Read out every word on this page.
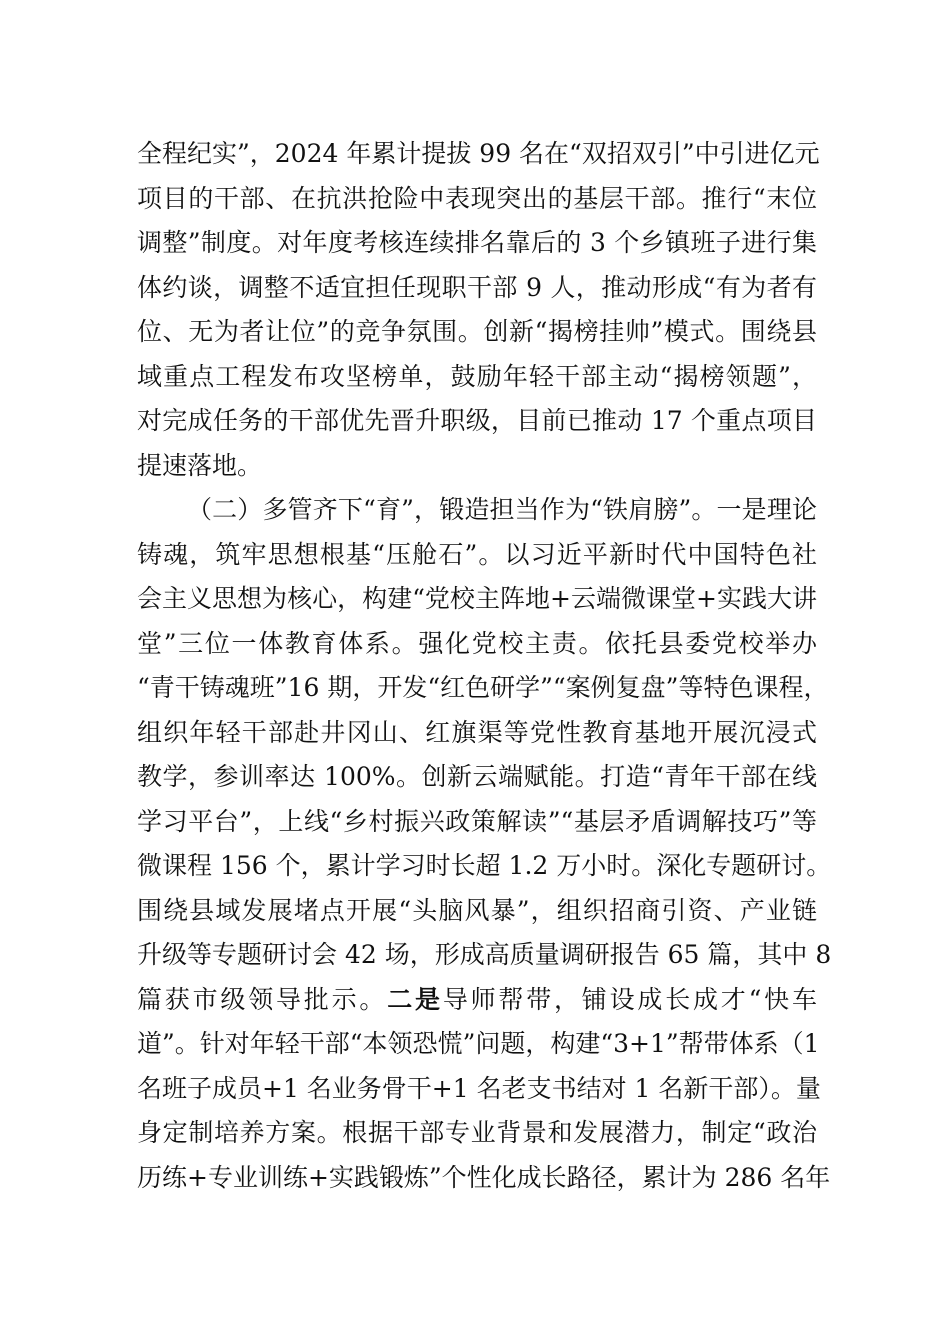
全程纪实”，2024 年累计提拔 99 名在“双招双引”中引进亿元
项目的干部、在抗洪抢险中表现突出的基层干部。推行“末位
调整”制度。对年度考核连续排名靠后的 3 个乡镇班子进行集
体约谈，调整不适宜担任现职干部 9 人，推动形成“有为者有
位、无为者让位”的竞争氛围。创新“揭榜挂帅”模式。围绕县
域重点工程发布攻坚榜单，鼓励年轻干部主动“揭榜领题”，
对完成任务的干部优先晋升职级，目前已推动 17 个重点项目
提速落地。
（二）多管齐下“育”，锻造担当作为“铁肩膀”。一是理论
铸魂，筑牢思想根基“压舱石”。以习近平新时代中国特色社
会主义思想为核心，构建“党校主阵地+云端微课堂+实践大讲
堂”三位一体教育体系。强化党校主责。依托县委党校举办
“青干铸魂班”16 期，开发“红色研学”“案例复盘”等特色课程，
组织年轻干部赴井冈山、红旗渠等党性教育基地开展沉浸式
教学，参训率达 100%。创新云端赋能。打造“青年干部在线
学习平台”，上线“乡村振兴政策解读”“基层矛盾调解技巧”等
微课程 156 个，累计学习时长超 1.2 万小时。深化专题研讨。
围绕县域发展堵点开展“头脑风暴”，组织招商引资、产业链
升级等专题研讨会 42 场，形成高质量调研报告 65 篇，其中 8
篇获市级领导批示。二是导师帮带，铺设成长成才“快车
道”。针对年轻干部“本领恐慌”问题，构建“3+1”帮带体系（1
名班子成员+1 名业务骨干+1 名老支书结对 1 名新干部）。量
身定制培养方案。根据干部专业背景和发展潜力，制定“政治
历练+专业训练+实践锻炼”个性化成长路径，累计为 286 名年
